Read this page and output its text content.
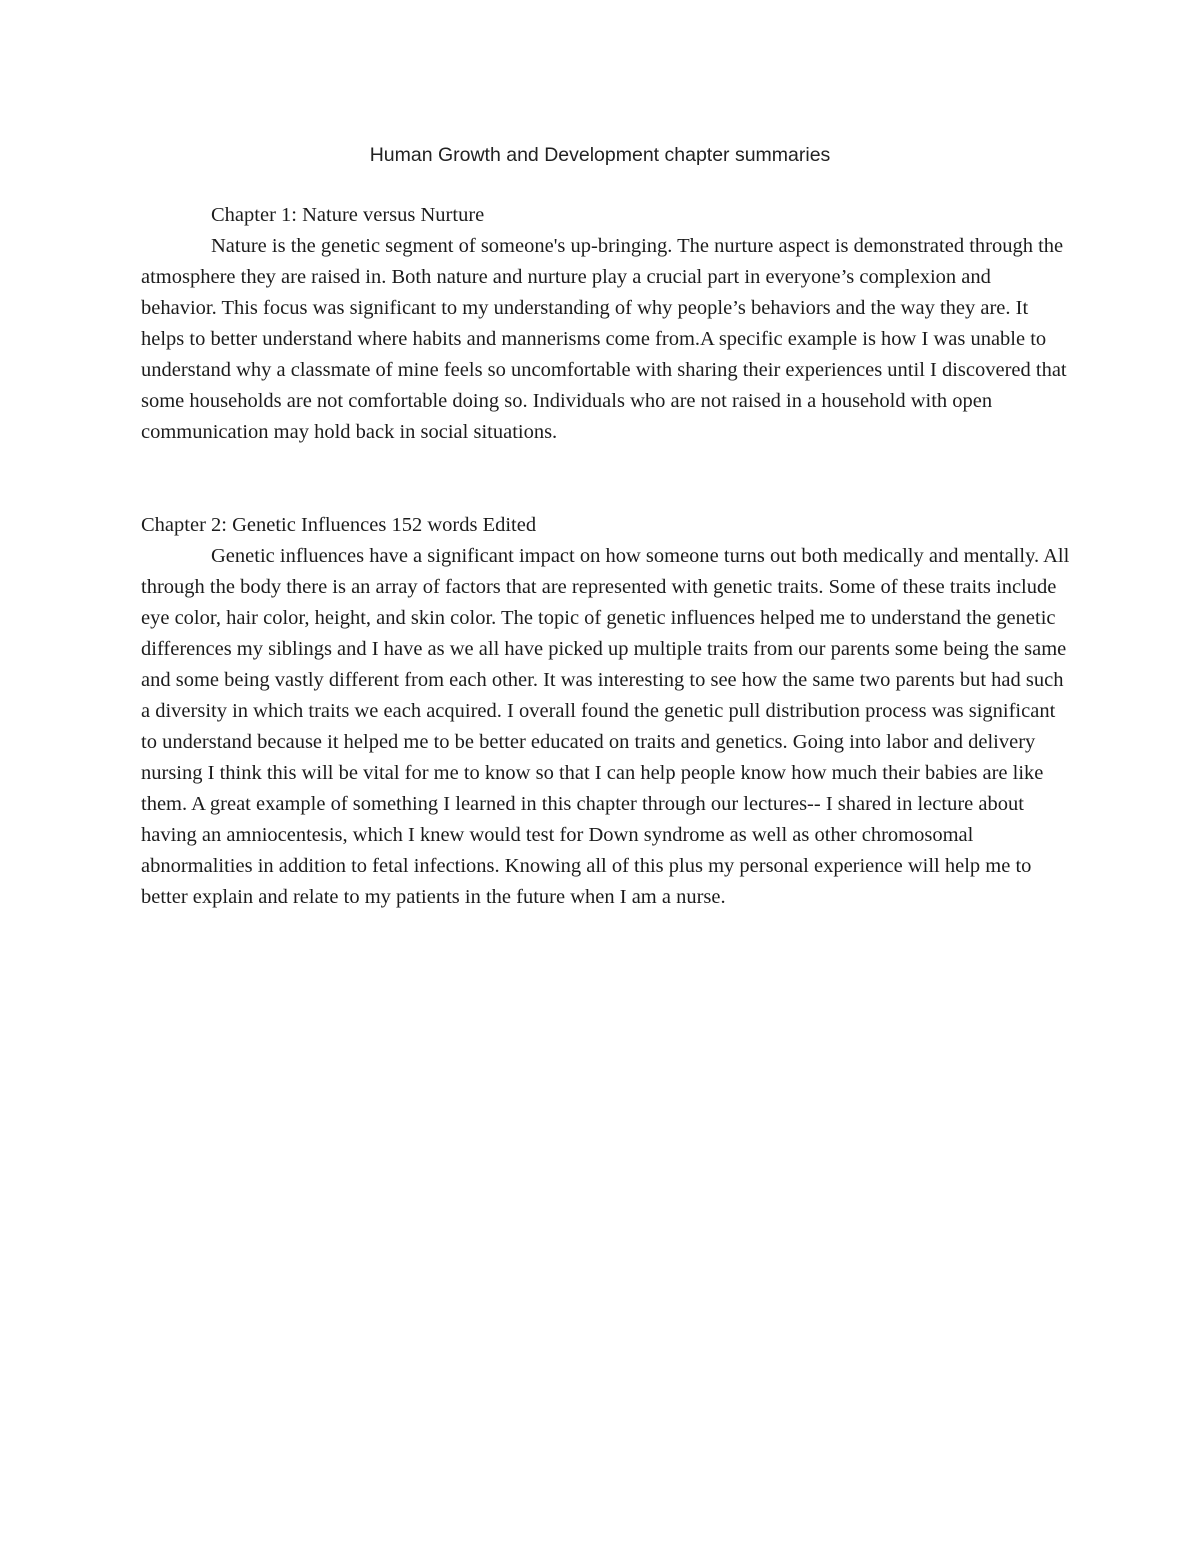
Human Growth and Development chapter summaries

Chapter 1: Nature versus Nurture

Nature is the genetic segment of someone's up-bringing. The nurture aspect is demonstrated through the atmosphere they are raised in. Both nature and nurture play a crucial part in everyone’s complexion and behavior. This focus was significant to my understanding of why people’s behaviors and the way they are. It helps to better understand where habits and mannerisms come from.A specific example is how I was unable to understand why a classmate of mine feels so uncomfortable with sharing their experiences until I discovered that some households are not comfortable doing so. Individuals who are not raised in a household with open communication may hold back in social situations.

Chapter 2: Genetic Influences 152 words Edited

Genetic influences have a significant impact on how someone turns out both medically and mentally. All through the body there is an array of factors that are represented with genetic traits. Some of these traits include eye color, hair color, height, and skin color. The topic of genetic influences helped me to understand the genetic differences my siblings and I have as we all have picked up multiple traits from our parents some being the same and some being vastly different from each other. It was interesting to see how the same two parents but had such a diversity in which traits we each acquired. I overall found the genetic pull distribution process was significant to understand because it helped me to be better educated on traits and genetics. Going into labor and delivery nursing I think this will be vital for me to know so that I can help people know how much their babies are like them. A great example of something I learned in this chapter through our lectures-- I shared in lecture about having an amniocentesis, which I knew would test for Down syndrome as well as other chromosomal abnormalities in addition to fetal infections. Knowing all of this plus my personal experience will help me to better explain and relate to my patients in the future when I am a nurse.
